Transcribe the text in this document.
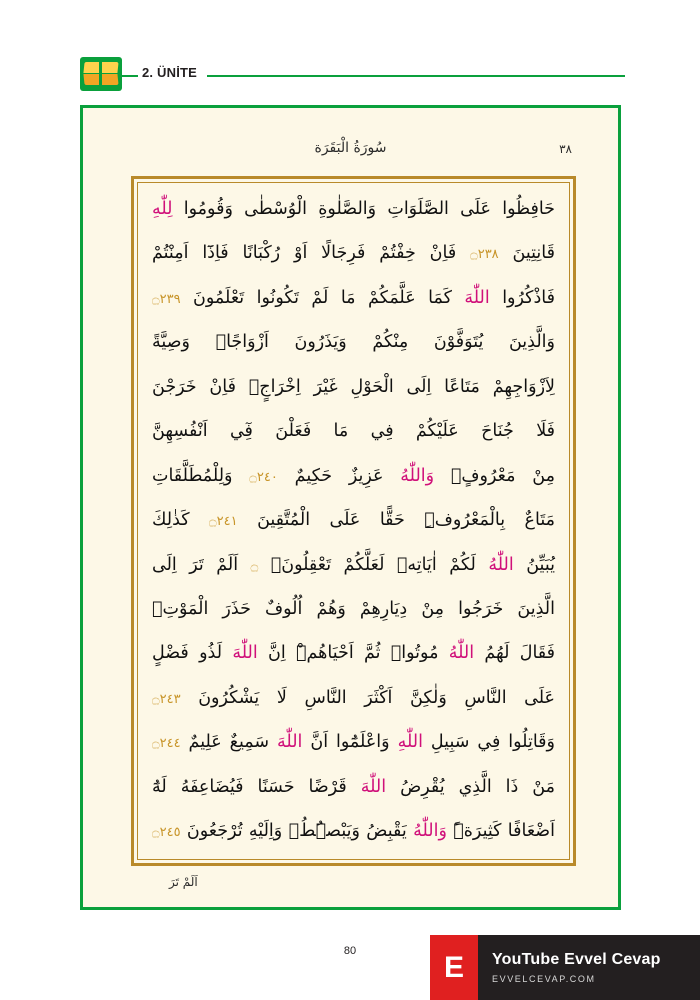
2. ÜNİTE
سُورَةُ الْبَقَرَة	٣٨
حَافِظُوا عَلَى الصَّلَوَاتِ وَالصَّلٰوةِ الْوُسْطٰى وَقُومُوا لِلّٰهِ
قَانِتِينَ ۝٢٣٨ فَاِنْ خِفْتُمْ فَرِجَالًا اَوْ رُكْبَانًا فَاِذَٓا اَمِنْتُمْ
فَاذْكُرُوا اللّٰهَ كَمَا عَلَّمَكُمْ مَا لَمْ تَكُونُوا تَعْلَمُونَ ۝٢٣٩
وَالَّذِينَ يُتَوَفَّوْنَ مِنْكُمْ وَيَذَرُونَ اَزْوَاجًاۚ وَصِيَّةً
لِاَزْوَاجِهِمْ مَتَاعًا اِلَى الْحَوْلِ غَيْرَ اِخْرَاجٍۚ فَاِنْ خَرَجْنَ
فَلَا جُنَاحَ عَلَيْكُمْ فِي مَا فَعَلْنَ فِٓي اَنْفُسِهِنَّ
مِنْ مَعْرُوفٍۗ وَاللّٰهُ عَزِيزٌ حَكِيمٌ ۝٢٤٠ وَلِلْمُطَلَّقَاتِ
مَتَاعٌ بِالْمَعْرُوفِۜ حَقًّا عَلَى الْمُتَّقِينَ ۝٢٤١ كَذٰلِكَ
يُبَيِّنُ اللّٰهُ لَكُمْ اٰيَاتِهٖ لَعَلَّكُمْ تَعْقِلُونَ۟ ۝ اَلَمْ تَرَ اِلَى
الَّذِينَ خَرَجُوا مِنْ دِيَارِهِمْ وَهُمْ اُلُوفٌ حَذَرَ الْمَوْتِۖ
فَقَالَ لَهُمُ اللّٰهُ مُوتُواۖ ثُمَّ اَحْيَاهُمْۜ اِنَّ اللّٰهَ لَذُو فَضْلٍ
عَلَى النَّاسِ وَلٰكِنَّ اَكْثَرَ النَّاسِ لَا يَشْكُرُونَ ۝٢٤٣
وَقَاتِلُوا فِي سَبِيلِ اللّٰهِ وَاعْلَمُٓوا اَنَّ اللّٰهَ سَمِيعٌ عَلِيمٌ ۝٢٤٤
مَنْ ذَا الَّذِي يُقْرِضُ اللّٰهَ قَرْضًا حَسَنًا فَيُضَاعِفَهُ لَهُٓ
اَضْعَافًا كَثِيرَةًۜ وَاللّٰهُ يَقْبِضُ وَيَبْصُۣطُۖ وَاِلَيْهِ تُرْجَعُونَ ۝٢٤٥
اَلَمْ تَرَ
80	E	YouTube Evvel Cevap
EVVELCEVAP.COM
